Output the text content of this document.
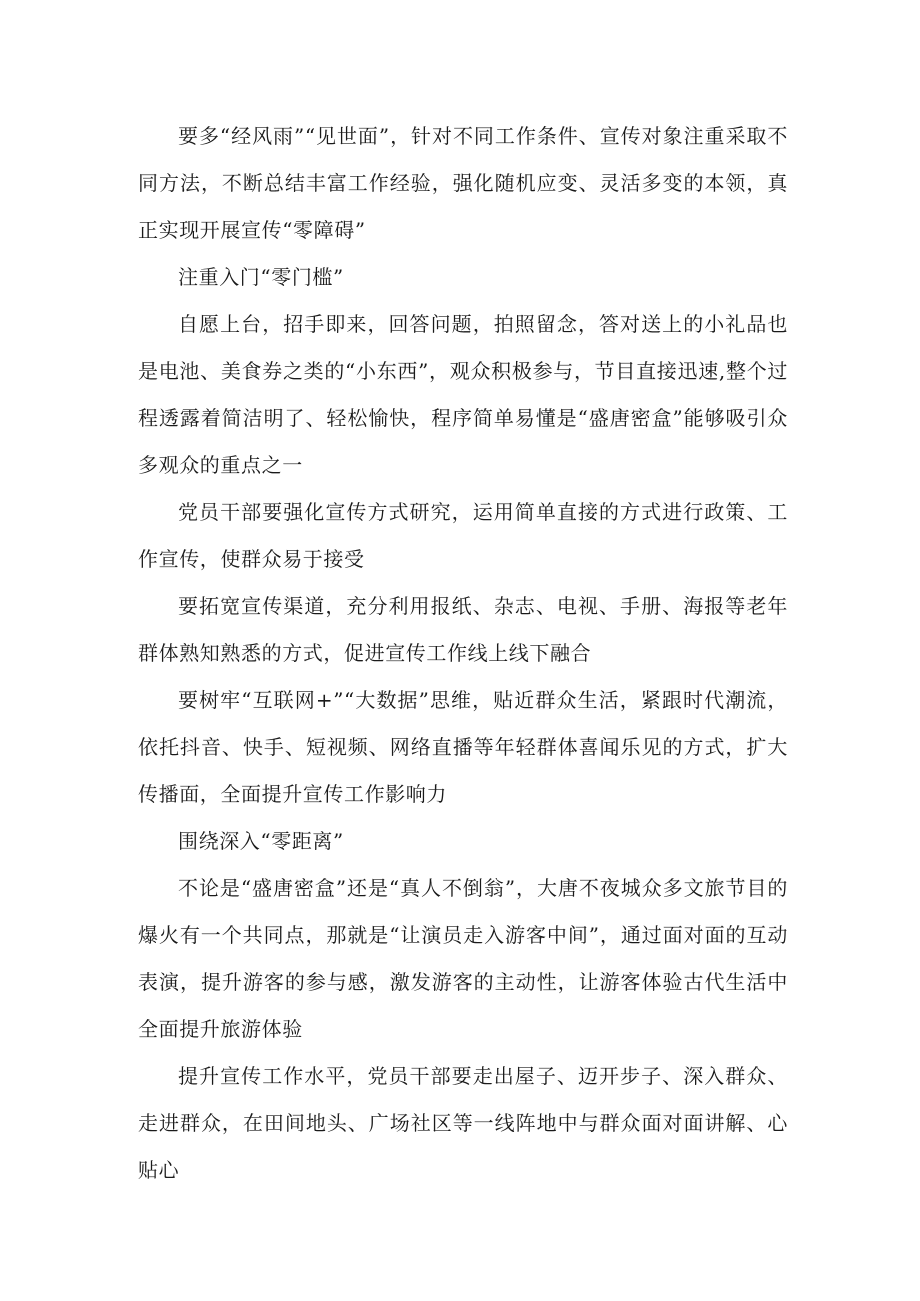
要多“经风雨”“见世面”，针对不同工作条件、宣传对象注重采取不同方法，不断总结丰富工作经验，强化随机应变、灵活多变的本领，真正实现开展宣传“零障碍”

注重入门“零门槛”

自愿上台，招手即来，回答问题，拍照留念，答对送上的小礼品也是电池、美食券之类的“小东西”，观众积极参与，节目直接迅速,整个过程透露着简洁明了、轻松愉快，程序简单易懂是“盛唐密盒”能够吸引众多观众的重点之一

党员干部要强化宣传方式研究，运用简单直接的方式进行政策、工作宣传，使群众易于接受

要拓宽宣传渠道，充分利用报纸、杂志、电视、手册、海报等老年群体熟知熟悉的方式，促进宣传工作线上线下融合

要树牢“互联网+”“大数据”思维，贴近群众生活，紧跟时代潮流，依托抖音、快手、短视频、网络直播等年轻群体喜闻乐见的方式，扩大传播面，全面提升宣传工作影响力

围绕深入“零距离”

不论是“盛唐密盒”还是“真人不倒翁”，大唐不夜城众多文旅节目的爆火有一个共同点，那就是“让演员走入游客中间”，通过面对面的互动表演，提升游客的参与感，激发游客的主动性，让游客体验古代生活中全面提升旅游体验

提升宣传工作水平，党员干部要走出屋子、迈开步子、深入群众、走进群众，在田间地头、广场社区等一线阵地中与群众面对面讲解、心贴心
